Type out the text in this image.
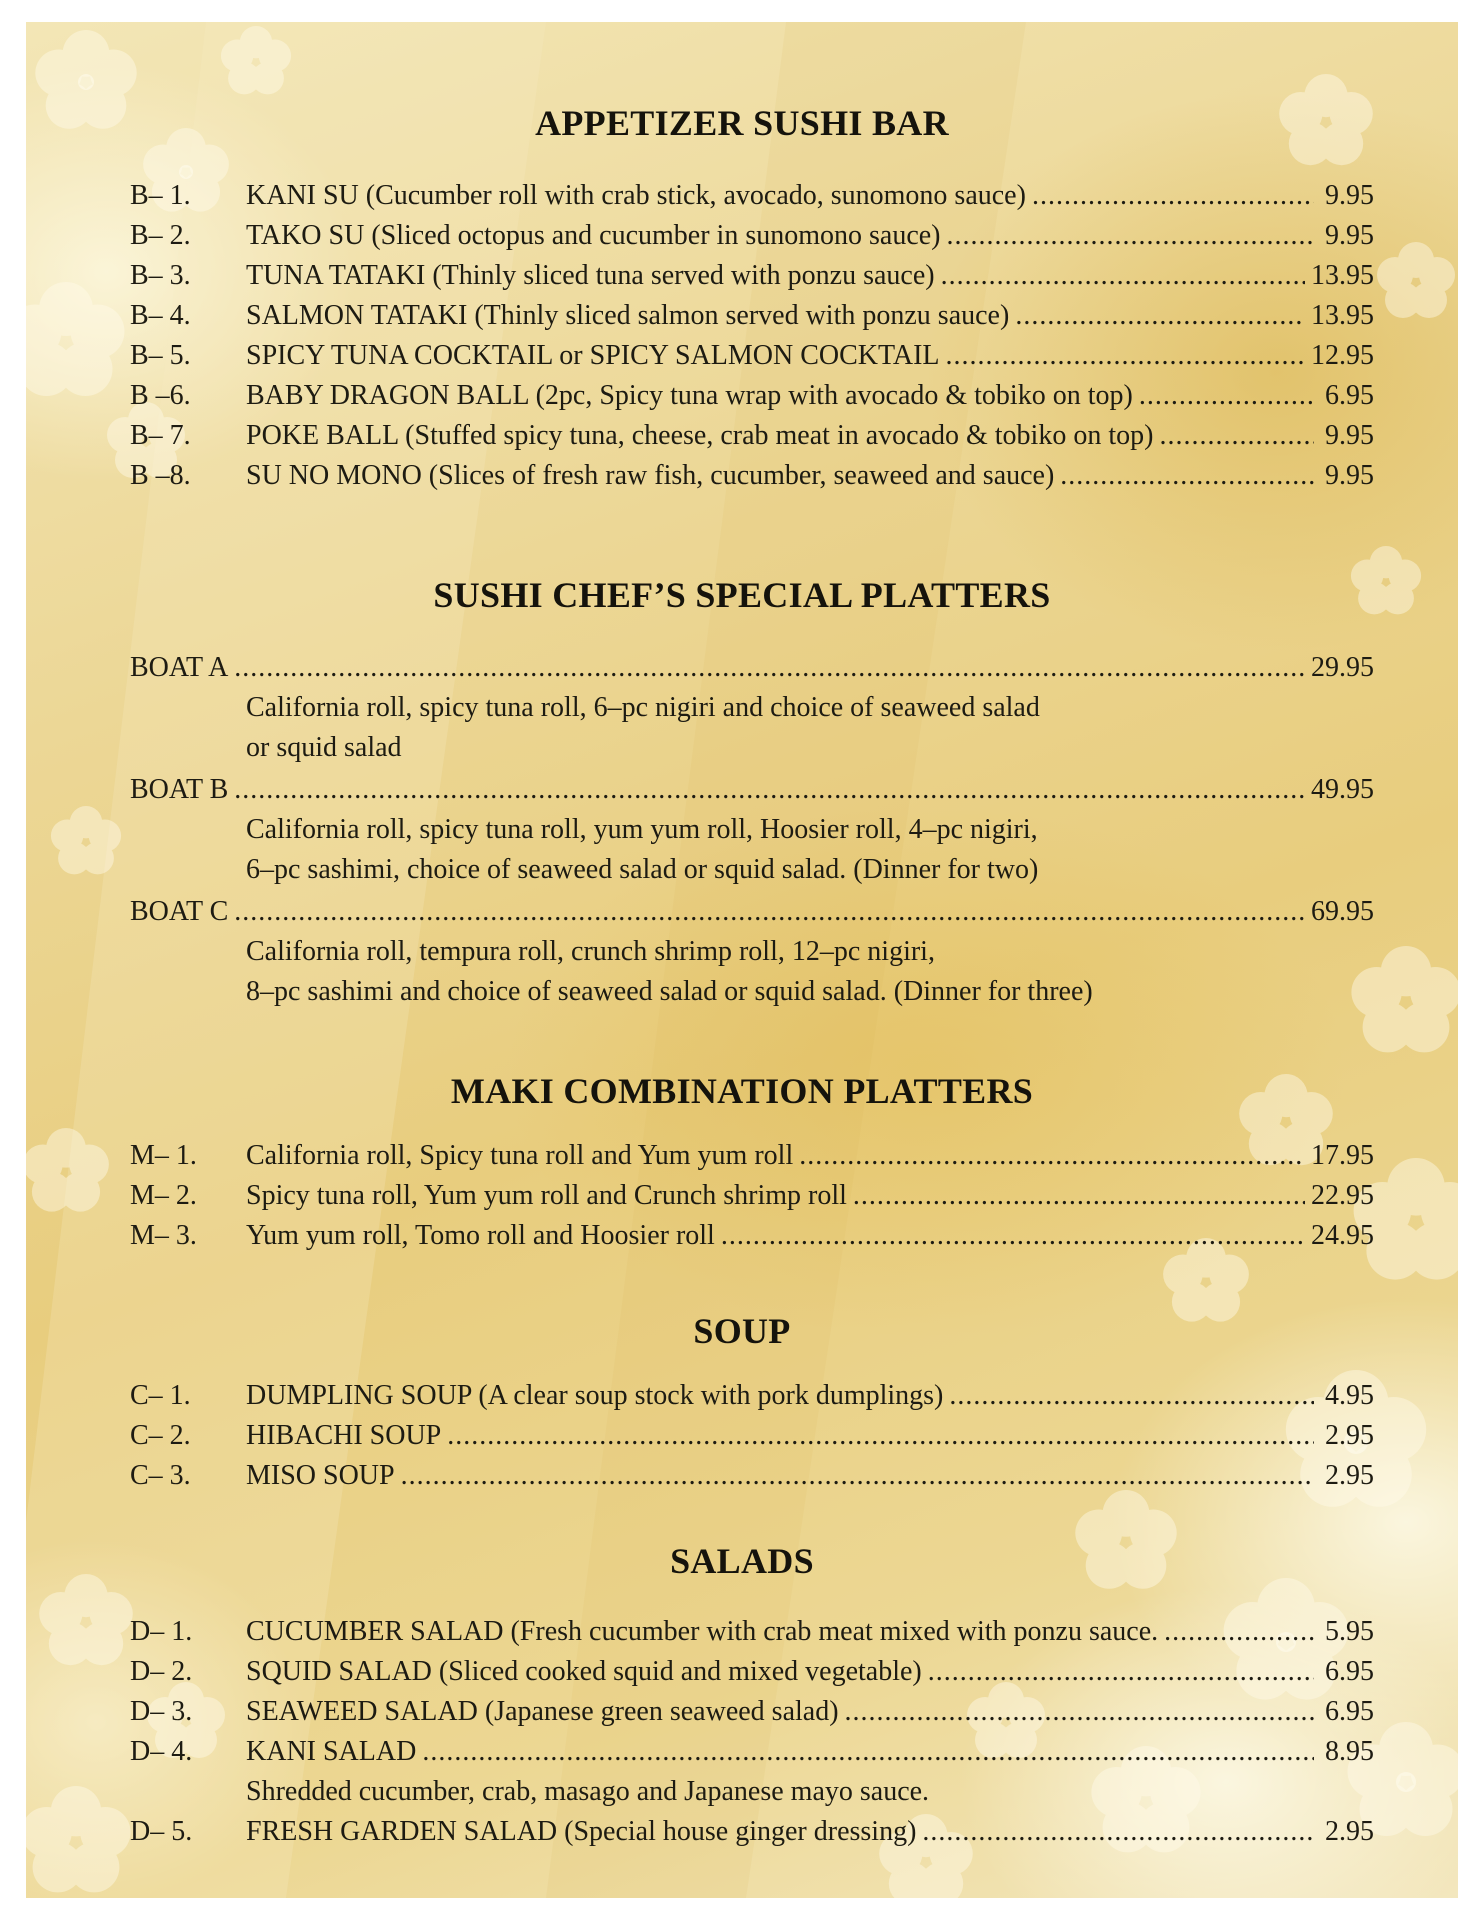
APPETIZER SUSHI BAR
B– 1. KANI SU (Cucumber roll with crab stick, avocado, sunomono sauce) .....	9.95
B– 2. TAKO SU (Sliced octopus and cucumber in sunomono sauce) .....	9.95
B– 3. TUNA TATAKI (Thinly sliced tuna served with ponzu sauce) .....	13.95
B– 4. SALMON TATAKI (Thinly sliced salmon served with ponzu sauce) .....	13.95
B– 5. SPICY TUNA COCKTAIL or SPICY SALMON COCKTAIL .....	12.95
B –6. BABY DRAGON BALL (2pc, Spicy tuna wrap with avocado & tobiko on top) .....	6.95
B– 7. POKE BALL (Stuffed spicy tuna, cheese, crab meat in avocado & tobiko on top) .....	9.95
B –8. SU NO MONO (Slices of fresh raw fish, cucumber, seaweed and sauce) .....	9.95
SUSHI CHEF’S SPECIAL PLATTERS
BOAT A .....	29.95
California roll, spicy tuna roll, 6–pc nigiri and choice of seaweed salad
or squid salad
BOAT B .....	49.95
California roll, spicy tuna roll, yum yum roll, Hoosier roll, 4–pc nigiri,
6–pc sashimi, choice of seaweed salad or squid salad. (Dinner for two)
BOAT C .....	69.95
California roll, tempura roll, crunch shrimp roll, 12–pc nigiri,
8–pc sashimi and choice of seaweed salad or squid salad. (Dinner for three)
MAKI COMBINATION PLATTERS
M– 1. California roll, Spicy tuna roll and Yum yum roll .....	17.95
M– 2. Spicy tuna roll, Yum yum roll and Crunch shrimp roll .....	22.95
M– 3. Yum yum roll, Tomo roll and Hoosier roll .....	24.95
SOUP
C– 1. DUMPLING SOUP (A clear soup stock with pork dumplings) .....	4.95
C– 2. HIBACHI SOUP .....	2.95
C– 3. MISO SOUP .....	2.95
SALADS
D– 1. CUCUMBER SALAD (Fresh cucumber with crab meat mixed with ponzu sauce. .....	5.95
D– 2. SQUID SALAD (Sliced cooked squid and mixed vegetable) .....	6.95
D– 3. SEAWEED SALAD (Japanese green seaweed salad) .....	6.95
D– 4. KANI SALAD .....	8.95
Shredded cucumber, crab, masago and Japanese mayo sauce.
D– 5. FRESH GARDEN SALAD (Special house ginger dressing) .....	2.95
